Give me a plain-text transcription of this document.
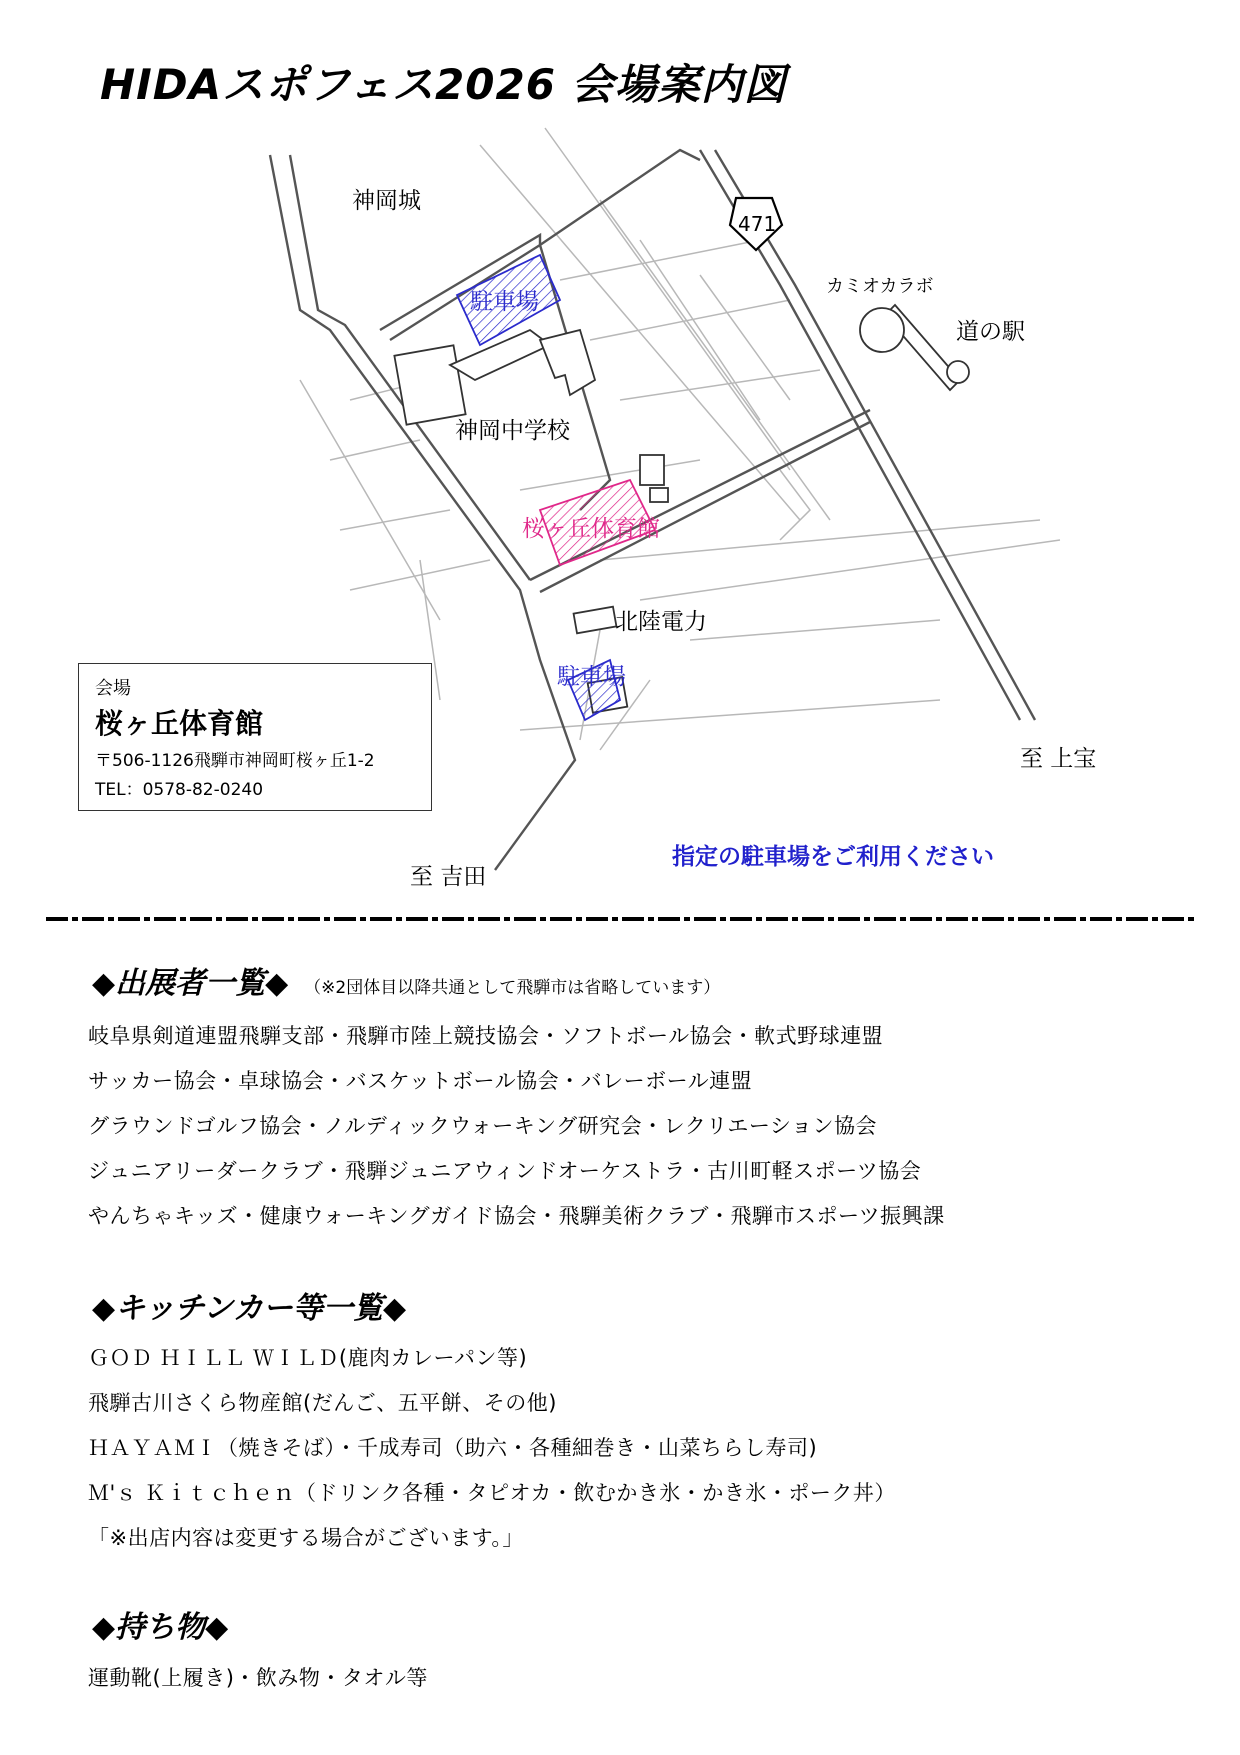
HIDAスポフェス2026 会場案内図
神岡城
471
カミオカラボ
道の駅
駐車場
神岡中学校
桜ヶ丘体育館
北陸電力
駐車場
至 上宝
至 吉田
会場
桜ヶ丘体育館
〒506-1126飛騨市神岡町桜ヶ丘1-2
TEL：0578-82-0240
指定の駐車場をご利用ください
◆出展者一覧◆ （※2団体目以降共通として飛騨市は省略しています）
岐阜県剣道連盟飛騨支部・飛騨市陸上競技協会・ソフトボール協会・軟式野球連盟
サッカー協会・卓球協会・バスケットボール協会・バレーボール連盟
グラウンドゴルフ協会・ノルディックウォーキング研究会・レクリエーション協会
ジュニアリーダークラブ・飛騨ジュニアウィンドオーケストラ・古川町軽スポーツ協会
やんちゃキッズ・健康ウォーキングガイド協会・飛騨美術クラブ・飛騨市スポーツ振興課
◆キッチンカー等一覧◆
ＧＯＤ ＨＩＬＬ ＷＩＬＤ(鹿肉カレーパン等)
飛騨古川さくら物産館(だんご、五平餅、その他)
ＨＡＹＡＭＩ（焼きそば）・千成寿司（助六・各種細巻き・山菜ちらし寿司)
Ｍ'ｓ Ｋｉｔｃｈｅｎ（ドリンク各種・タピオカ・飲むかき氷・かき氷・ポーク丼）
「※出店内容は変更する場合がございます。」
◆持ち物◆
運動靴(上履き)・飲み物・タオル等
